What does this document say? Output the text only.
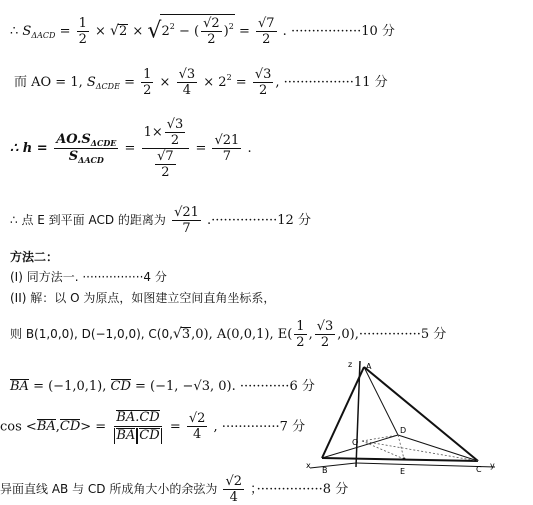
∴ $S_{\Delta ACD} = \frac{1}{2} \times √2 \times √2^2$ − ( $\frac{√2}{2} )^2 = \frac{√7}{2}$ . ·················10 分
而 AO = 1, $S_{\Delta CDE} = \frac{1}{2} \times \frac{√3}{4} \times 2^2 = \frac{√3}{2}$ , ·················11 分
∴ $h = \frac{AO.S_{\Delta CDE}}{S_{\Delta ACD}} = \frac{1\times \frac{√3}{2}}{\frac{√7}{2}} = \frac{√21}{7}$ .
∴ 点 E 到平面 ACD 的距离为 $\frac{√21}{7} .\cdot\cdot\cdot\cdot\cdot\cdot\cdot\cdot\cdot\cdot\cdot\cdot\cdot\cdot\cdot\cdot 12$ 分
方法二：
(I) 同方法一. ················4 分
(II) 解：以 O 为原点，如图建立空间直角坐标系，
则 B(1,0,0), D(−1,0,0), C(0,√3,0), A(0,0,1), $E( \frac{1}{2}$ , $\frac{√3}{2} ,0),\cdot\cdot\cdot\cdot\cdot\cdot\cdot\cdot\cdot\cdot\cdot\cdot\cdot\cdot\cdot 5$ 分
BA = (−1,0,1), CD = (−1, −√3, 0). ············6 分
$\cos <BA,CD> = \frac{BA.CD}{\text{BA CD}} = \frac{√2}{4}$ , ··············7 分
异面直线 AB 与 CD 所成角大小的余弦为 $\frac{√2}{4}$ ；················8 分
z A
O
D
x
B	E	C y
